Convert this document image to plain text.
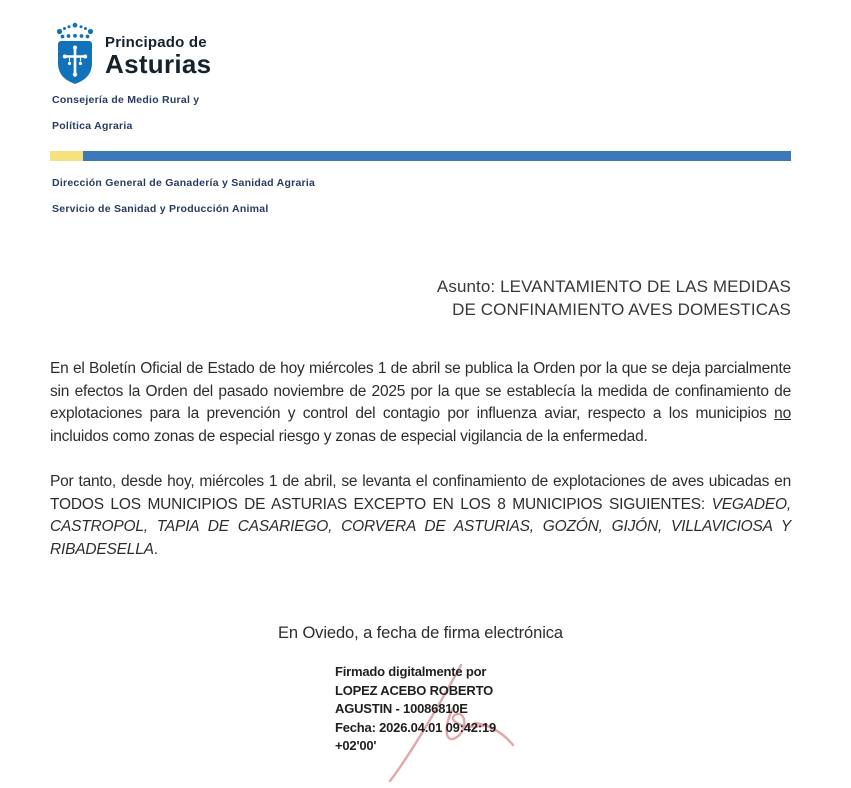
Principado de
Asturias
Consejería de Medio Rural y
Política Agraria
Dirección General de Ganadería y Sanidad Agraria
Servicio de Sanidad y Producción Animal
Asunto: LEVANTAMIENTO DE LAS MEDIDAS
DE CONFINAMIENTO AVES DOMESTICAS

En el Boletín Oficial de Estado de hoy miércoles 1 de abril se publica la Orden por la que se deja parcialmente sin efectos la Orden del pasado noviembre de 2025 por la que se establecía la medida de confinamiento de explotaciones para la prevención y control del contagio por influenza aviar, respecto a los municipios no incluidos como zonas de especial riesgo y zonas de especial vigilancia de la enfermedad.

Por tanto, desde hoy, miércoles 1 de abril, se levanta el confinamiento de explotaciones de aves ubicadas en TODOS LOS MUNICIPIOS DE ASTURIAS EXCEPTO EN LOS 8 MUNICIPIOS SIGUIENTES: VEGADEO, CASTROPOL, TAPIA DE CASARIEGO, CORVERA DE ASTURIAS, GOZÓN, GIJÓN, VILLAVICIOSA Y RIBADESELLA.

En Oviedo, a fecha de firma electrónica
Firmado digitalmente por
LOPEZ ACEBO ROBERTO
AGUSTIN - 10086810E
Fecha: 2026.04.01 09:42:19
+02'00'
